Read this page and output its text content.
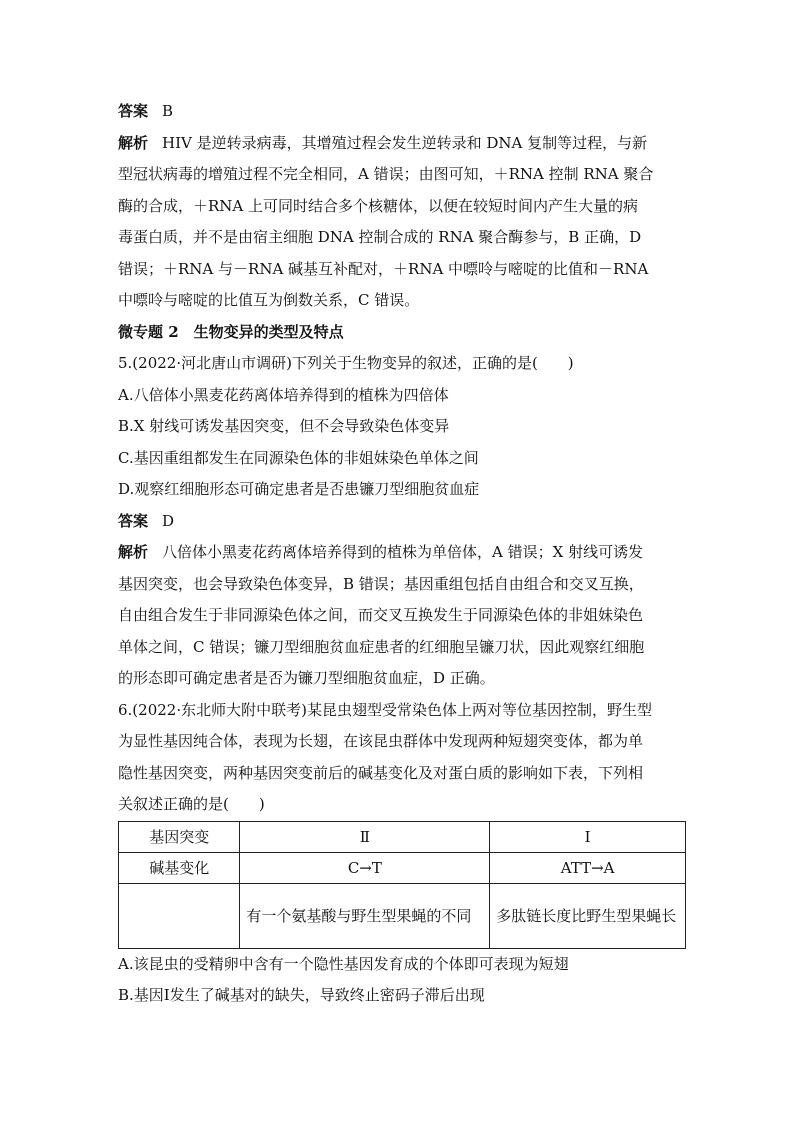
答案 B
解析 HIV 是逆转录病毒，其增殖过程会发生逆转录和 DNA 复制等过程，与新
型冠状病毒的增殖过程不完全相同，A 错误；由图可知，＋RNA 控制 RNA 聚合
酶的合成，＋RNA 上可同时结合多个核糖体，以便在较短时间内产生大量的病
毒蛋白质，并不是由宿主细胞 DNA 控制合成的 RNA 聚合酶参与，B 正确，D
错误；＋RNA 与－RNA 碱基互补配对，＋RNA 中嘌呤与嘧啶的比值和－RNA
中嘌呤与嘧啶的比值互为倒数关系，C 错误。
微专题 2　生物变异的类型及特点
5.(2022·河北唐山市调研)下列关于生物变异的叙述，正确的是(　　)
A.八倍体小黑麦花药离体培养得到的植株为四倍体
B.X 射线可诱发基因突变，但不会导致染色体变异
C.基因重组都发生在同源染色体的非姐妹染色单体之间
D.观察红细胞形态可确定患者是否患镰刀型细胞贫血症
答案 D
解析 八倍体小黑麦花药离体培养得到的植株为单倍体，A 错误；X 射线可诱发
基因突变，也会导致染色体变异，B 错误；基因重组包括自由组合和交叉互换，
自由组合发生于非同源染色体之间，而交叉互换发生于同源染色体的非姐妹染色
单体之间，C 错误；镰刀型细胞贫血症患者的红细胞呈镰刀状，因此观察红细胞
的形态即可确定患者是否为镰刀型细胞贫血症，D 正确。
6.(2022·东北师大附中联考)某昆虫翅型受常染色体上两对等位基因控制，野生型
为显性基因纯合体，表现为长翅，在该昆虫群体中发现两种短翅突变体，都为单
隐性基因突变，两种基因突变前后的碱基变化及对蛋白质的影响如下表，下列相
关叙述正确的是(　　)
基因突变	Ⅱ	Ⅰ
碱基变化	C→T	ATT→A
	有一个氨基酸与野生型果蝇的不同	多肽链长度比野生型果蝇长
A.该昆虫的受精卵中含有一个隐性基因发育成的个体即可表现为短翅
B.基因Ⅰ发生了碱基对的缺失，导致终止密码子滞后出现
